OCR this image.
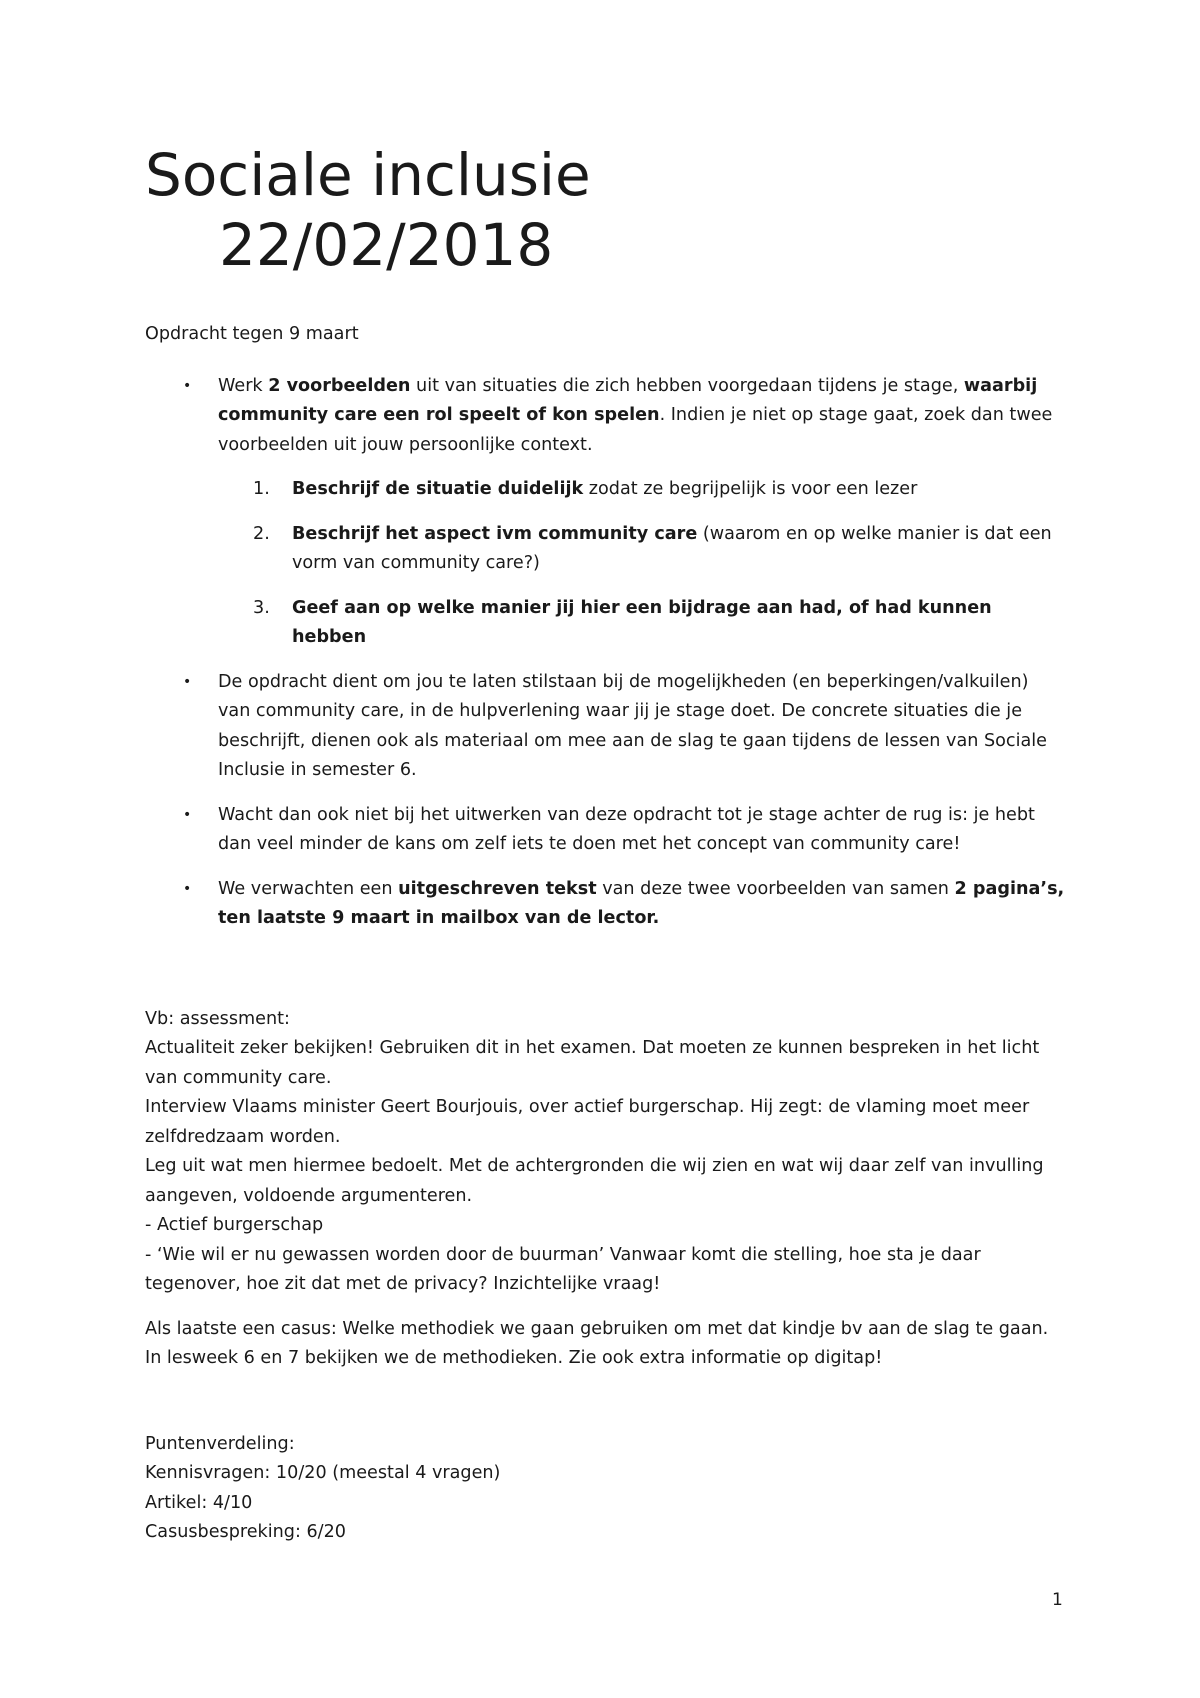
Sociale inclusie
22/02/2018

Opdracht tegen 9 maart

• Werk 2 voorbeelden uit van situaties die zich hebben voorgedaan tijdens je stage, waarbij community care een rol speelt of kon spelen. Indien je niet op stage gaat, zoek dan twee voorbeelden uit jouw persoonlijke context.
1. Beschrijf de situatie duidelijk zodat ze begrijpelijk is voor een lezer
2. Beschrijf het aspect ivm community care (waarom en op welke manier is dat een vorm van community care?)
3. Geef aan op welke manier jij hier een bijdrage aan had, of had kunnen hebben
• De opdracht dient om jou te laten stilstaan bij de mogelijkheden (en beperkingen/valkuilen) van community care, in de hulpverlening waar jij je stage doet. De concrete situaties die je beschrijft, dienen ook als materiaal om mee aan de slag te gaan tijdens de lessen van Sociale Inclusie in semester 6.
• Wacht dan ook niet bij het uitwerken van deze opdracht tot je stage achter de rug is: je hebt dan veel minder de kans om zelf iets te doen met het concept van community care!
• We verwachten een uitgeschreven tekst van deze twee voorbeelden van samen 2 pagina’s, ten laatste 9 maart in mailbox van de lector.

Vb: assessment:

Actualiteit zeker bekijken! Gebruiken dit in het examen. Dat moeten ze kunnen bespreken in het licht van community care.

Interview Vlaams minister Geert Bourjouis, over actief burgerschap. Hij zegt: de vlaming moet meer zelfdredzaam worden.

Leg uit wat men hiermee bedoelt. Met de achtergronden die wij zien en wat wij daar zelf van invulling aangeven, voldoende argumenteren.

- Actief burgerschap

- ‘Wie wil er nu gewassen worden door de buurman’ Vanwaar komt die stelling, hoe sta je daar tegenover, hoe zit dat met de privacy? Inzichtelijke vraag!

Als laatste een casus: Welke methodiek we gaan gebruiken om met dat kindje bv aan de slag te gaan.

In lesweek 6 en 7 bekijken we de methodieken. Zie ook extra informatie op digitap!

Puntenverdeling:

Kennisvragen: 10/20 (meestal 4 vragen)

Artikel: 4/10

Casusbespreking: 6/20

1
